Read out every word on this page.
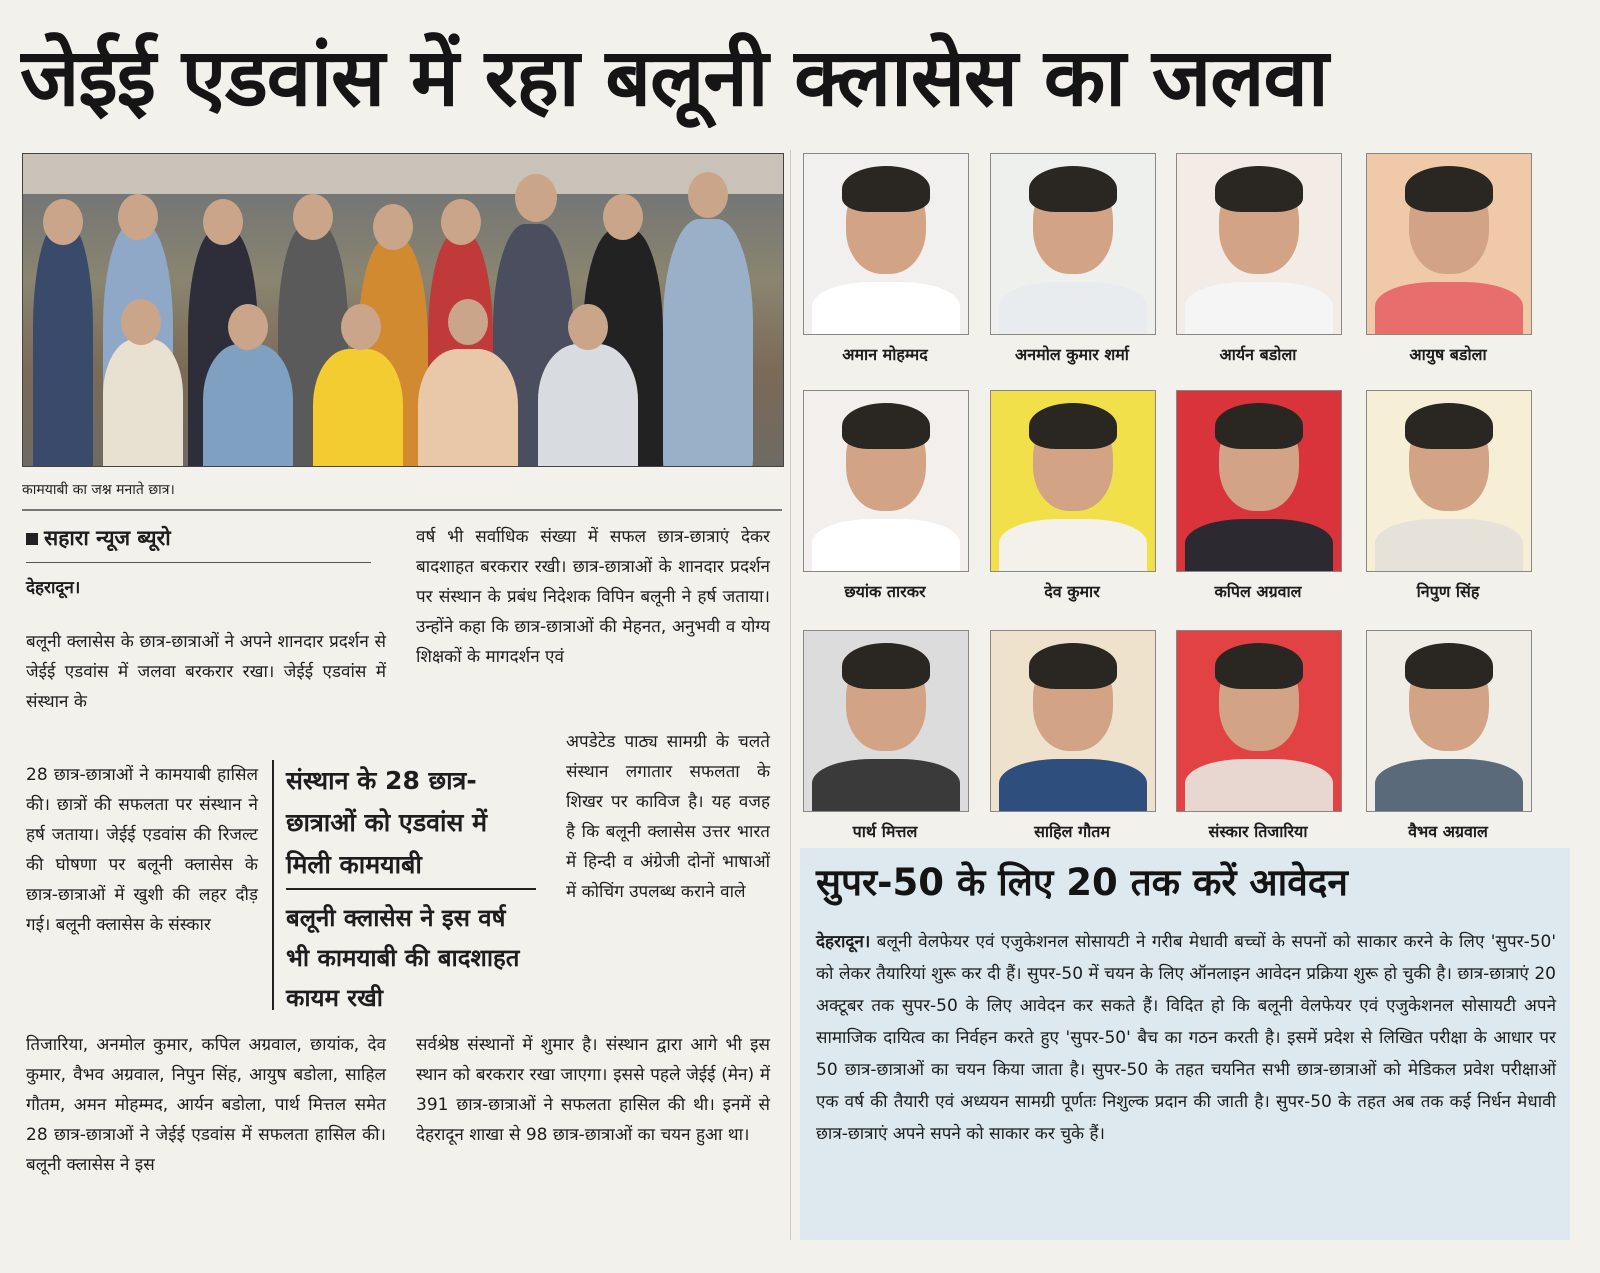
जेईई एडवांस में रहा बलूनी क्लासेस का जलवा
कामयाबी का जश्न मनाते छात्र।
सहारा न्यूज ब्यूरो
देहरादून।
बलूनी क्लासेस के छात्र-छात्राओं ने अपने शानदार प्रदर्शन से जेईई एडवांस में जलवा बरकरार रखा। जेईई एडवांस में संस्थान के
28 छात्र-छात्राओं ने कामयाबी हासिल की। छात्रों की सफलता पर संस्थान ने हर्ष जताया। जेईई एडवांस की रिजल्ट की घोषणा पर बलूनी क्लासेस के छात्र-छात्राओं में खुशी की लहर दौड़ गई। बलूनी क्लासेस के संस्कार
तिजारिया, अनमोल कुमार, कपिल अग्रवाल, छायांक, देव कुमार, वैभव अग्रवाल, निपुन सिंह, आयुष बडोला, साहिल गौतम, अमन मोहम्मद, आर्यन बडोला, पार्थ मित्तल समेत 28 छात्र-छात्राओं ने जेईई एडवांस में सफलता हासिल की। बलूनी क्लासेस ने इस
वर्ष भी सर्वाधिक संख्या में सफल छात्र-छात्राएं देकर बादशाहत बरकरार रखी। छात्र-छात्राओं के शानदार प्रदर्शन पर संस्थान के प्रबंध निदेशक विपिन बलूनी ने हर्ष जताया। उन्होंने कहा कि छात्र-छात्राओं की मेहनत, अनुभवी व योग्य शिक्षकों के मागदर्शन एवं
अपडेटेड पाठ्य सामग्री के चलते संस्थान लगातार सफलता के शिखर पर काविज है। यह वजह है कि बलूनी क्लासेस उत्तर भारत में हिन्दी व अंग्रेजी दोनों भाषाओं में कोचिंग उपलब्ध कराने वाले
सर्वश्रेष्ठ संस्थानों में शुमार है। संस्थान द्वारा आगे भी इस स्थान को बरकरार रखा जाएगा। इससे पहले जेईई (मेन) में 391 छात्र-छात्राओं ने सफलता हासिल की थी। इनमें से देहरादून शाखा से 98 छात्र-छात्राओं का चयन हुआ था।
संस्थान के 28 छात्र-छात्राओं को एडवांस में मिली कामयाबी
बलूनी क्लासेस ने इस वर्ष भी कामयाबी की बादशाहत कायम रखी
अमान मोहम्मद	अनमोल कुमार शर्मा	आर्यन बडोला	आयुष बडोला
छयांक तारकर	देव कुमार	कपिल अग्रवाल	निपुण सिंह
पार्थ मित्तल	साहिल गौतम	संस्कार तिजारिया	वैभव अग्रवाल
सुपर-50 के लिए 20 तक करें आवेदन
देहरादून। बलूनी वेलफेयर एवं एजुकेशनल सोसायटी ने गरीब मेधावी बच्चों के सपनों को साकार करने के लिए 'सुपर-50' को लेकर तैयारियां शुरू कर दी हैं। सुपर-50 में चयन के लिए ऑनलाइन आवेदन प्रक्रिया शुरू हो चुकी है। छात्र-छात्राएं 20 अक्टूबर तक सुपर-50 के लिए आवेदन कर सकते हैं। विदित हो कि बलूनी वेलफेयर एवं एजुकेशनल सोसायटी अपने सामाजिक दायित्व का निर्वहन करते हुए 'सुपर-50' बैच का गठन करती है। इसमें प्रदेश से लिखित परीक्षा के आधार पर 50 छात्र-छात्राओं का चयन किया जाता है। सुपर-50 के तहत चयनित सभी छात्र-छात्राओं को मेडिकल प्रवेश परीक्षाओं एक वर्ष की तैयारी एवं अध्ययन सामग्री पूर्णतः निशुल्क प्रदान की जाती है। सुपर-50 के तहत अब तक कई निर्धन मेधावी छात्र-छात्राएं अपने सपने को साकार कर चुके हैं।
